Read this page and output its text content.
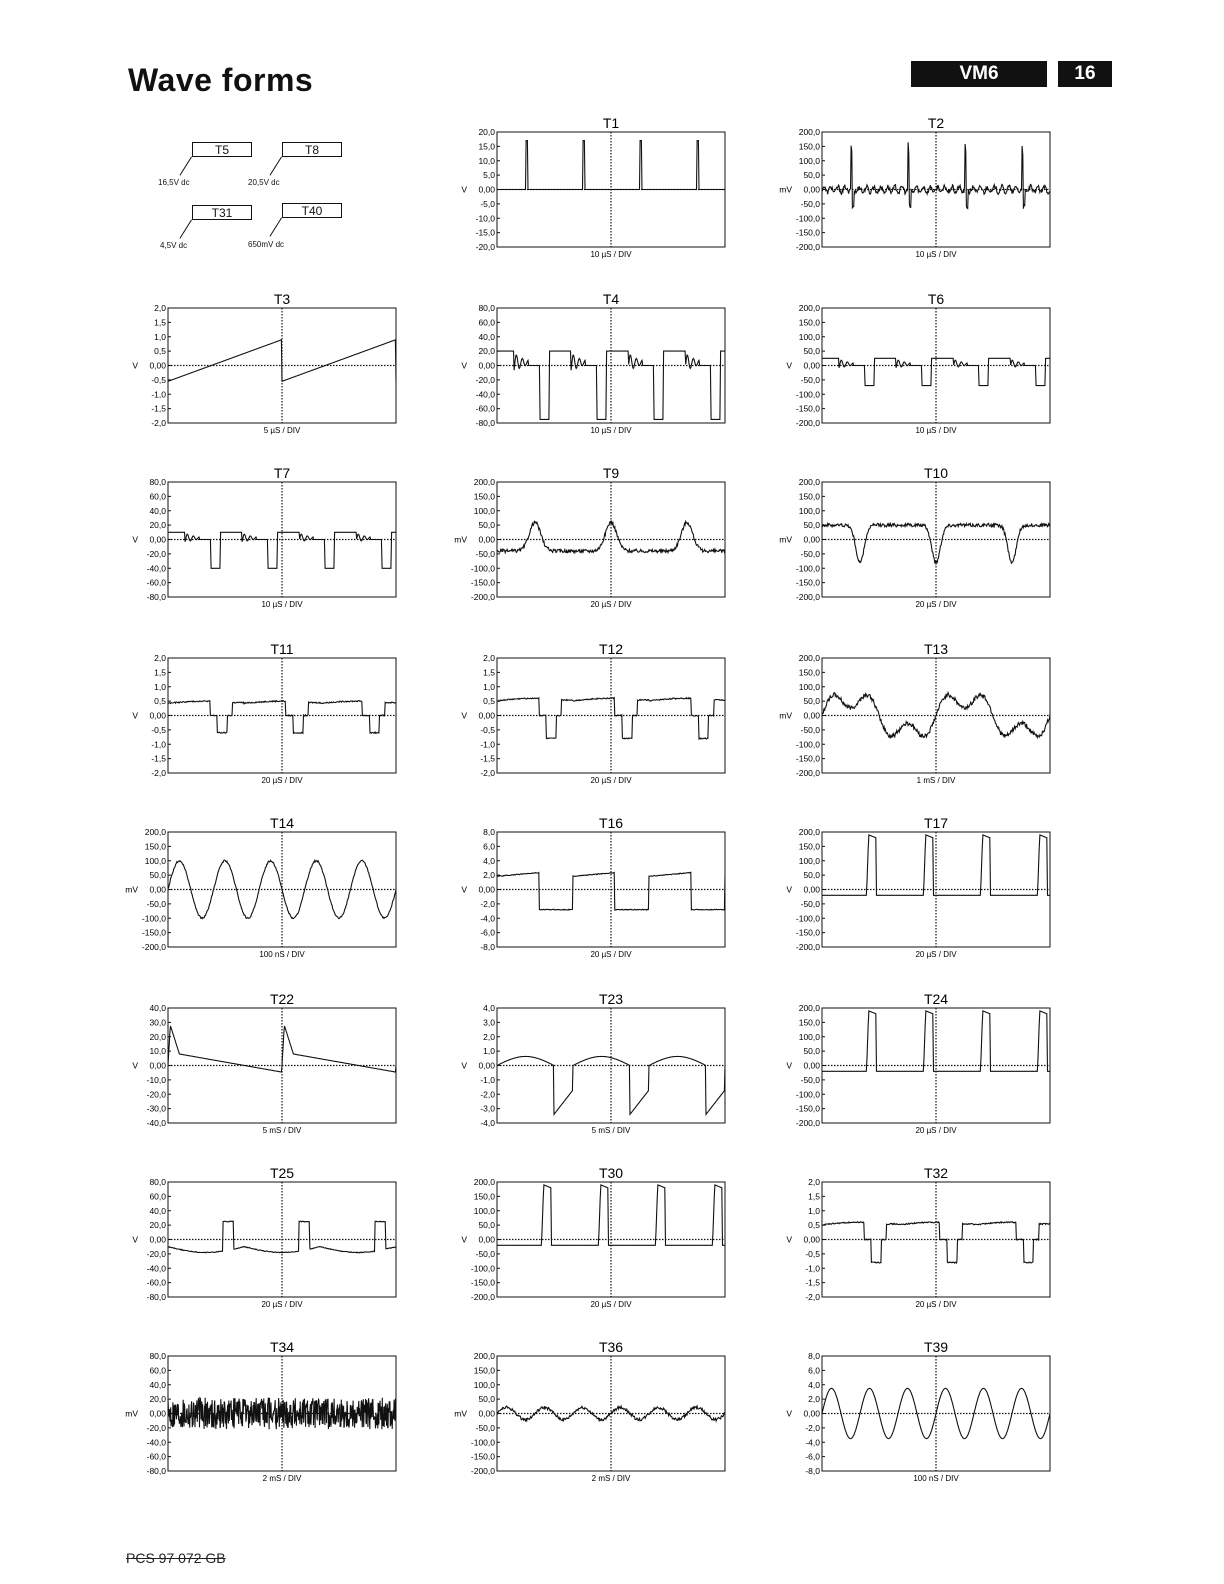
Wave forms	VM6	16
T5
16,5V dc
T8
20,5V dc
T31
4,5V dc
T40
650mV dc
T1
20,0
15,0
10,0
5,0
0,00
-5,0
-10,0
-15,0
-20,0
V
10 µS / DIV
T2
200,0
150,0
100,0
50,0
0,00
-50,0
-100,0
-150,0
-200,0
mV
10 µS / DIV
T3
2,0
1,5
1,0
0,5
0,00
-0,5
-1,0
-1,5
-2,0
V
5 µS / DIV
T4
80,0
60,0
40,0
20,0
0,00
-20,0
-40,0
-60,0
-80,0
V
10 µS / DIV
T6
200,0
150,0
100,0
50,0
0,00
-50,0
-100,0
-150,0
-200,0
V
10 µS / DIV
T7
80,0
60,0
40,0
20,0
0,00
-20,0
-40,0
-60,0
-80,0
V
10 µS / DIV
T9
200,0
150,0
100,0
50,0
0,00
-50,0
-100,0
-150,0
-200,0
mV
20 µS / DIV
T10
200,0
150,0
100,0
50,0
0,00
-50,0
-100,0
-150,0
-200,0
mV
20 µS / DIV
T11
2,0
1,5
1,0
0,5
0,00
-0,5
-1,0
-1,5
-2,0
V
20 µS / DIV
T12
2,0
1,5
1,0
0,5
0,00
-0,5
-1,0
-1,5
-2,0
V
20 µS / DIV
T13
200,0
150,0
100,0
50,0
0,00
-50,0
-100,0
-150,0
-200,0
mV
1 mS / DIV
T14
200,0
150,0
100,0
50,0
0,00
-50,0
-100,0
-150,0
-200,0
mV
100 nS / DIV
T16
8,0
6,0
4,0
2,0
0,00
-2,0
-4,0
-6,0
-8,0
V
20 µS / DIV
T17
200,0
150,0
100,0
50,0
0,00
-50,0
-100,0
-150,0
-200,0
V
20 µS / DIV
T22
40,0
30,0
20,0
10,0
0,00
-10,0
-20,0
-30,0
-40,0
V
5 mS / DIV
T23
4,0
3,0
2,0
1,0
0,00
-1,0
-2,0
-3,0
-4,0
V
5 mS / DIV
T24
200,0
150,0
100,0
50,0
0,00
-50,0
-100,0
-150,0
-200,0
V
20 µS / DIV
T25
80,0
60,0
40,0
20,0
0,00
-20,0
-40,0
-60,0
-80,0
V
20 µS / DIV
T30
200,0
150,0
100,0
50,0
0,00
-50,0
-100,0
-150,0
-200,0
V
20 µS / DIV
T32
2,0
1,5
1,0
0,5
0,00
-0,5
-1,0
-1,5
-2,0
V
20 µS / DIV
T34
80,0
60,0
40,0
20,0
0,00
-20,0
-40,0
-60,0
-80,0
mV
2 mS / DIV
T36
200,0
150,0
100,0
50,0
0,00
-50,0
-100,0
-150,0
-200,0
mV
2 mS / DIV
T39
8,0
6,0
4,0
2,0
0,00
-2,0
-4,0
-6,0
-8,0
V
100 nS / DIV
PCS 97 072 GB
